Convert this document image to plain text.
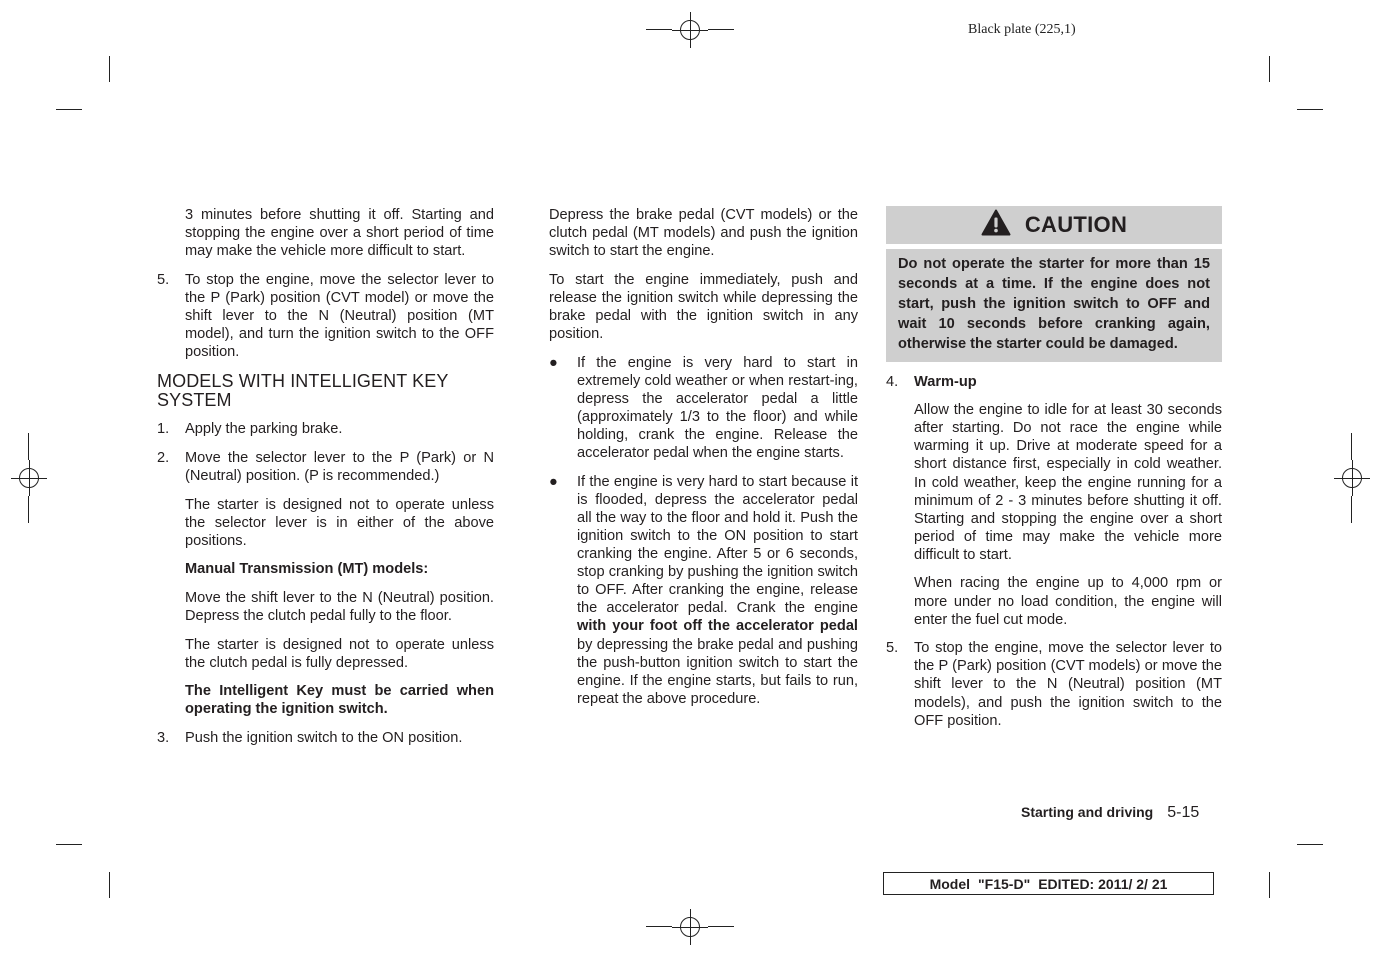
Black plate (225,1)

3 minutes before shutting it off. Starting and stopping the engine over a short period of time may make the vehicle more difficult to start.

5. To stop the engine, move the selector lever to the P (Park) position (CVT model) or move the shift lever to the N (Neutral) position (MT model), and turn the ignition switch to the OFF position.
MODELS WITH INTELLIGENT KEY SYSTEM
1. Apply the parking brake.
2. Move the selector lever to the P (Park) or N (Neutral) position. (P is recommended.)

The starter is designed not to operate unless the selector lever is in either of the above positions.

Manual Transmission (MT) models:

Move the shift lever to the N (Neutral) position. Depress the clutch pedal fully to the floor.

The starter is designed not to operate unless the clutch pedal is fully depressed.

The Intelligent Key must be carried when operating the ignition switch.

3. Push the ignition switch to the ON position.

Depress the brake pedal (CVT models) or the clutch pedal (MT models) and push the ignition switch to start the engine.

To start the engine immediately, push and release the ignition switch while depressing the brake pedal with the ignition switch in any position.

● If the engine is very hard to start in extremely cold weather or when restart-ing, depress the accelerator pedal a little (approximately 1/3 to the floor) and while holding, crank the engine. Release the accelerator pedal when the engine starts.
● If the engine is very hard to start because it is flooded, depress the accelerator pedal all the way to the floor and hold it. Push the ignition switch to the ON position to start cranking the engine. After 5 or 6 seconds, stop cranking by pushing the ignition switch to OFF. After cranking the engine, release the accelerator pedal. Crank the engine with your foot off the accelerator pedal by depressing the brake pedal and pushing the push-button ignition switch to start the engine. If the engine starts, but fails to run, repeat the above procedure.
CAUTION
Do not operate the starter for more than 15 seconds at a time. If the engine does not start, push the ignition switch to OFF and wait 10 seconds before cranking again, otherwise the starter could be damaged.
4. Warm-up

Allow the engine to idle for at least 30 seconds after starting. Do not race the engine while warming it up. Drive at moderate speed for a short distance first, especially in cold weather. In cold weather, keep the engine running for a minimum of 2 - 3 minutes before shutting it off. Starting and stopping the engine over a short period of time may make the vehicle more difficult to start.

When racing the engine up to 4,000 rpm or more under no load condition, the engine will enter the fuel cut mode.

5. To stop the engine, move the selector lever to the P (Park) position (CVT models) or move the shift lever to the N (Neutral) position (MT models), and push the ignition switch to the OFF position.
Starting and driving 5-15
Model "F15-D" EDITED: 2011/ 2/ 21
